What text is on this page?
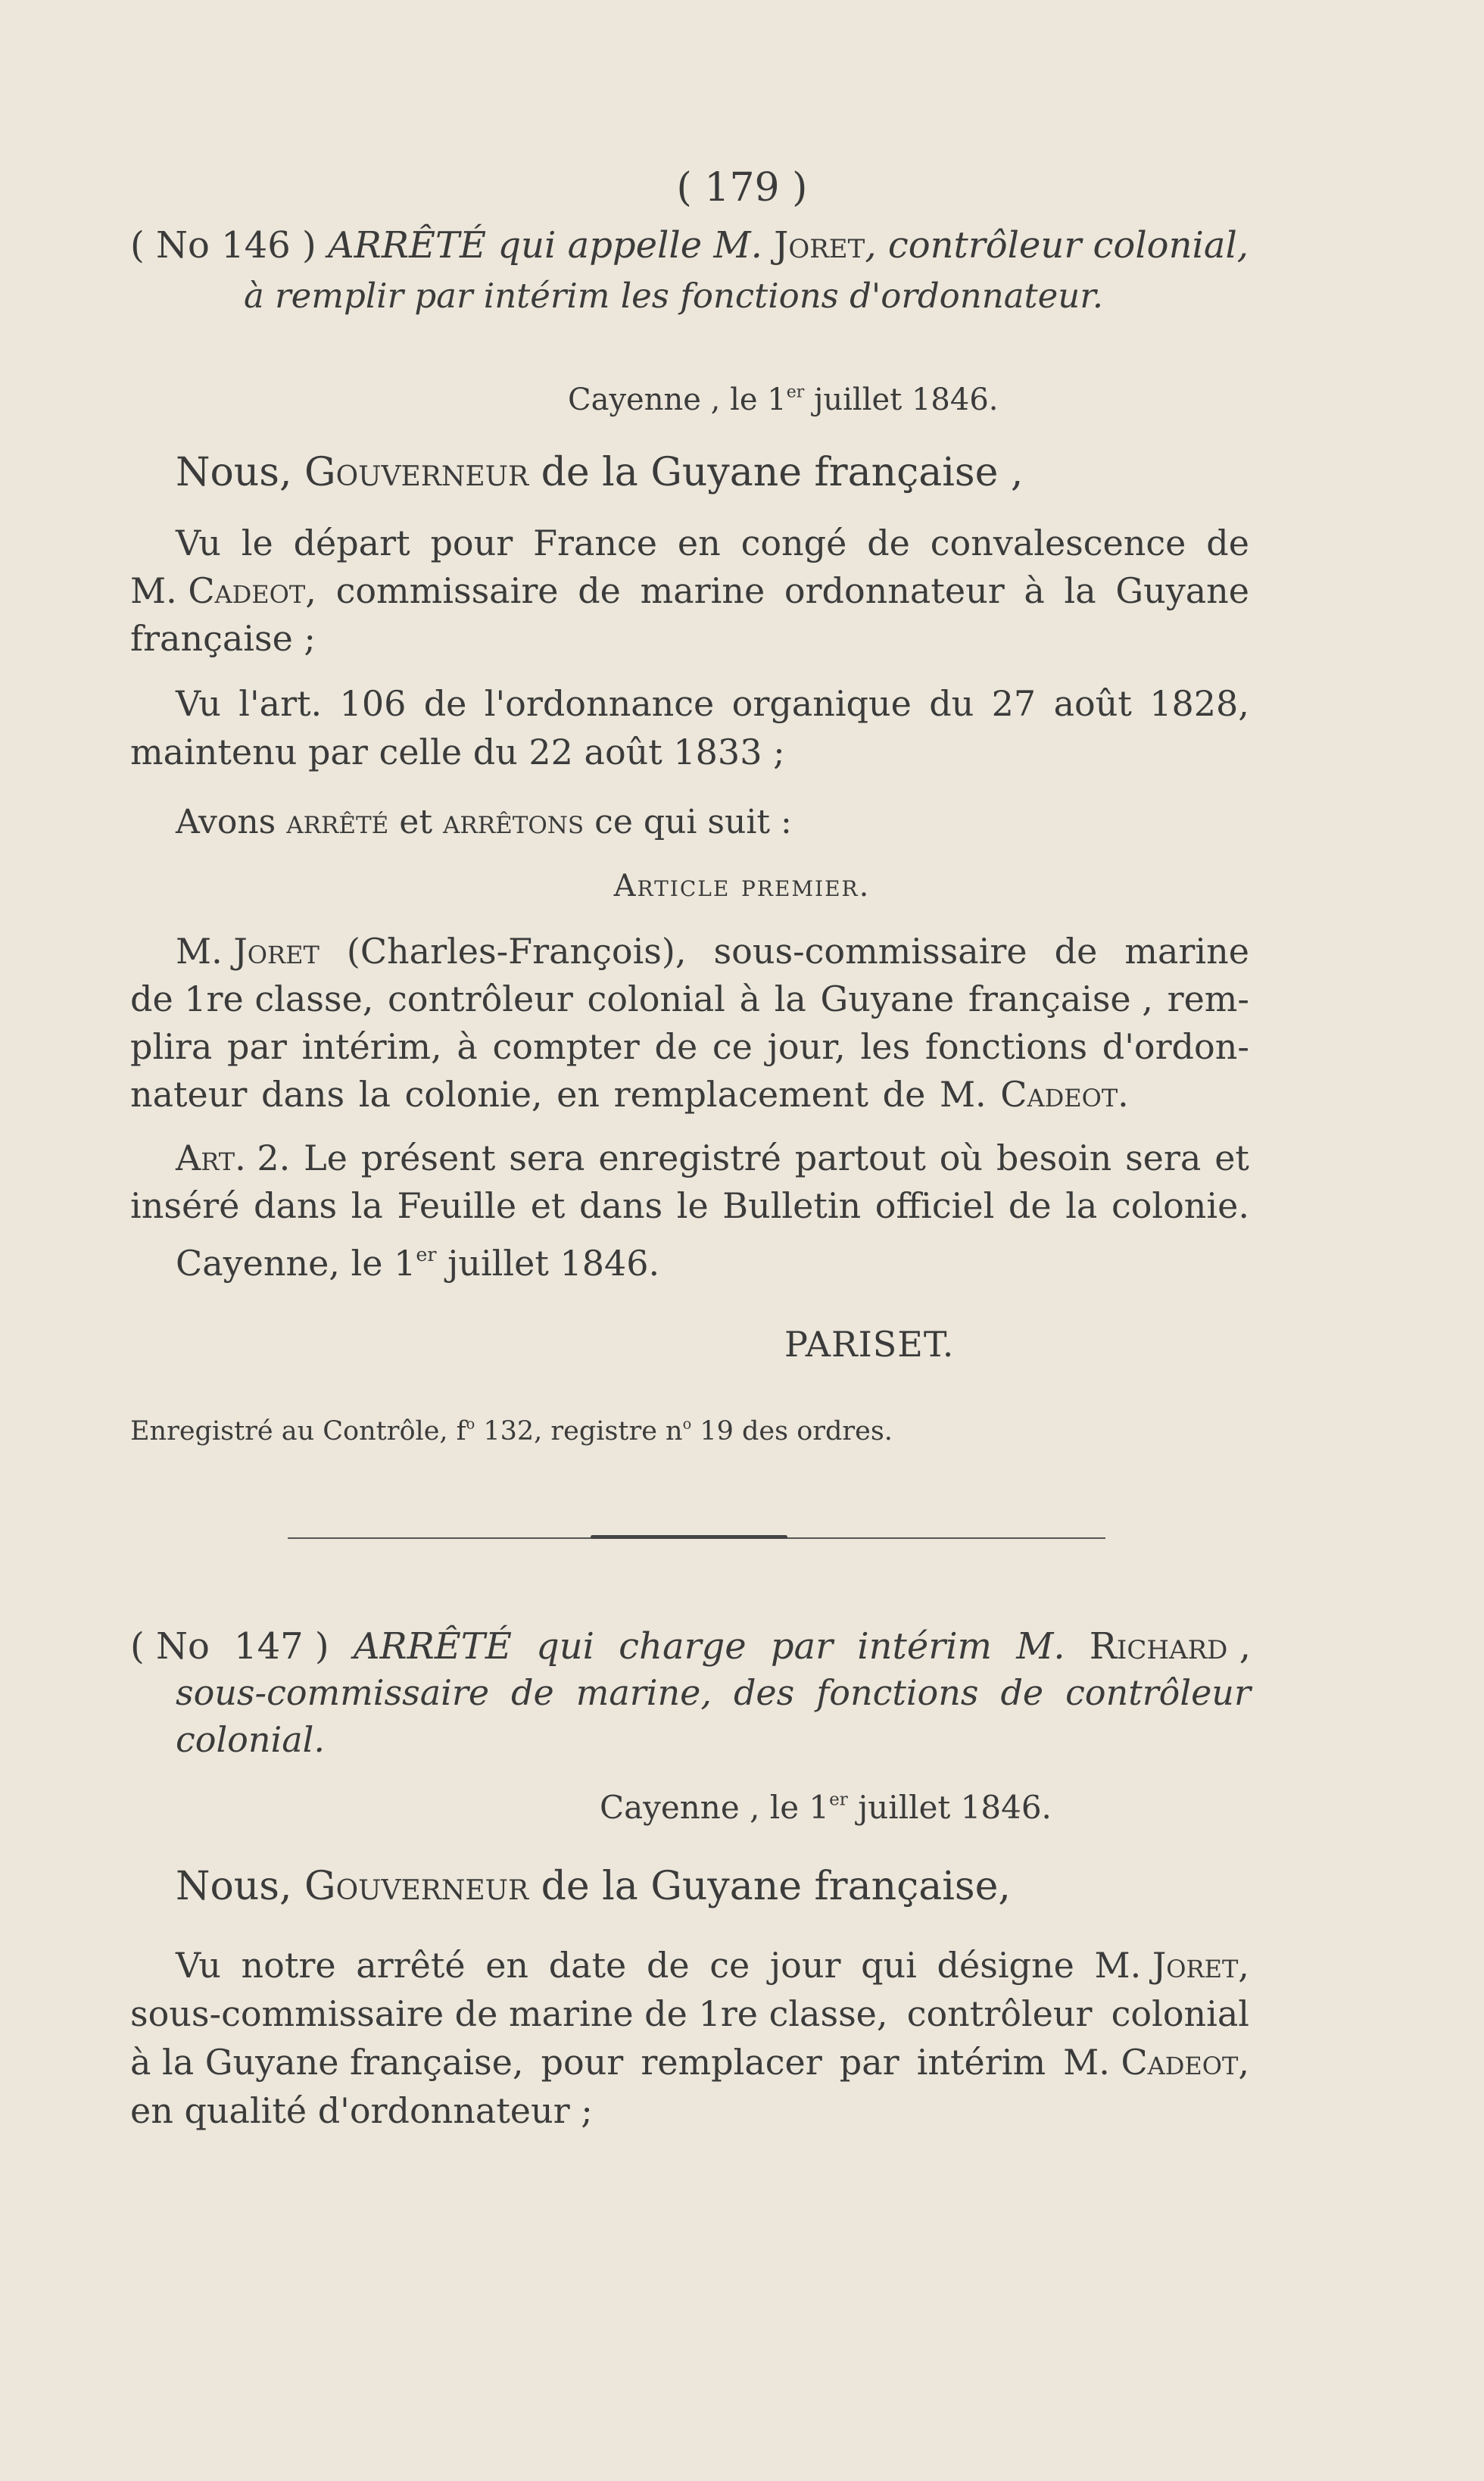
( 179 )
( No 146 ) ARRÊTÉ qui appelle M. Joret, contrôleur colonial,
à remplir par intérim les fonctions d'ordonnateur.
Cayenne , le 1er juillet 1846.
Nous, Gouverneur de la Guyane française ,
Vu le départ pour France en congé de convalescence de
M. Cadeot, commissaire de marine ordonnateur à la Guyane
française ;
Vu l'art. 106 de l'ordonnance organique du 27 août 1828,
maintenu par celle du 22 août 1833 ;
Avons arrêté et arrêtons ce qui suit :
Article premier.
M. Joret (Charles-François), sous-commissaire de marine
de 1re classe, contrôleur colonial à la Guyane française , rem-
plira par intérim, à compter de ce jour, les fonctions d'ordon-
nateur dans la colonie, en remplacement de M. Cadeot.
Art. 2. Le présent sera enregistré partout où besoin sera et
inséré dans la Feuille et dans le Bulletin officiel de la colonie.
Cayenne, le 1er juillet 1846.
PARISET.
Enregistré au Contrôle, $f^o$ 132, registre $n^o$ 19 des ordres.
( No 147 ) ARRÊTÉ qui charge par intérim M. Richard ,
sous-commissaire de marine, des fonctions de contrôleur
colonial.
Cayenne , le 1er juillet 1846.
Nous, Gouverneur de la Guyane française,
Vu notre arrêté en date de ce jour qui désigne M. Joret,
sous-commissaire de marine de 1re classe, contrôleur colonial
à la Guyane française, pour remplacer par intérim M. Cadeot,
en qualité d'ordonnateur ;
